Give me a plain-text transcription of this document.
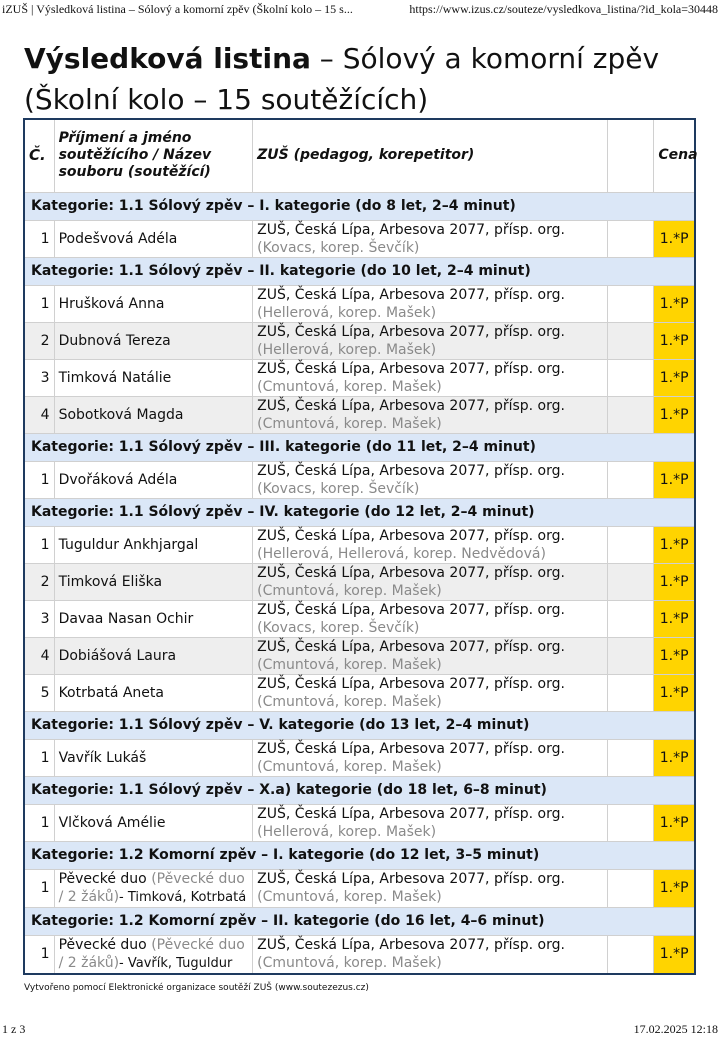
iZUŠ | Výsledková listina – Sólový a komorní zpěv (Školní kolo – 15 s...	https://www.izus.cz/souteze/vysledkova_listina/?id_kola=30448
Výsledková listina – Sólový a komorní zpěv (Školní kolo – 15 soutěžících)
Č.	Příjmení a jméno soutěžícího / Název souboru (soutěžící)	ZUŠ (pedagog, korepetitor)		Cena
Kategorie: 1.1 Sólový zpěv – I. kategorie (do 8 let, 2–4 minut)				
1	Podešvová Adéla	ZUŠ, Česká Lípa, Arbesova 2077, přísp. org. (Kovacs, korep. Ševčík)		1.*P
Kategorie: 1.1 Sólový zpěv – II. kategorie (do 10 let, 2–4 minut)				
1	Hrušková Anna	ZUŠ, Česká Lípa, Arbesova 2077, přísp. org. (Hellerová, korep. Mašek)		1.*P
2	Dubnová Tereza	ZUŠ, Česká Lípa, Arbesova 2077, přísp. org. (Hellerová, korep. Mašek)		1.*P
3	Timková Natálie	ZUŠ, Česká Lípa, Arbesova 2077, přísp. org. (Cmuntová, korep. Mašek)		1.*P
4	Sobotková Magda	ZUŠ, Česká Lípa, Arbesova 2077, přísp. org. (Cmuntová, korep. Mašek)		1.*P
Kategorie: 1.1 Sólový zpěv – III. kategorie (do 11 let, 2–4 minut)				
1	Dvořáková Adéla	ZUŠ, Česká Lípa, Arbesova 2077, přísp. org. (Kovacs, korep. Ševčík)		1.*P
Kategorie: 1.1 Sólový zpěv – IV. kategorie (do 12 let, 2–4 minut)				
1	Tuguldur Ankhjargal	ZUŠ, Česká Lípa, Arbesova 2077, přísp. org. (Hellerová, Hellerová, korep. Nedvědová)		1.*P
2	Timková Eliška	ZUŠ, Česká Lípa, Arbesova 2077, přísp. org. (Cmuntová, korep. Mašek)		1.*P
3	Davaa Nasan Ochir	ZUŠ, Česká Lípa, Arbesova 2077, přísp. org. (Kovacs, korep. Ševčík)		1.*P
4	Dobiášová Laura	ZUŠ, Česká Lípa, Arbesova 2077, přísp. org. (Cmuntová, korep. Mašek)		1.*P
5	Kotrbatá Aneta	ZUŠ, Česká Lípa, Arbesova 2077, přísp. org. (Cmuntová, korep. Mašek)		1.*P
Kategorie: 1.1 Sólový zpěv – V. kategorie (do 13 let, 2–4 minut)				
1	Vavřík Lukáš	ZUŠ, Česká Lípa, Arbesova 2077, přísp. org. (Cmuntová, korep. Mašek)		1.*P
Kategorie: 1.1 Sólový zpěv – X.a) kategorie (do 18 let, 6–8 minut)				
1	Vlčková Amélie	ZUŠ, Česká Lípa, Arbesova 2077, přísp. org. (Hellerová, korep. Mašek)		1.*P
Kategorie: 1.2 Komorní zpěv – I. kategorie (do 12 let, 3–5 minut)				
1	Pěvecké duo (Pěvecké duo / 2 žáků)- Timková, Kotrbatá	ZUŠ, Česká Lípa, Arbesova 2077, přísp. org. (Cmuntová, korep. Mašek)		1.*P
Kategorie: 1.2 Komorní zpěv – II. kategorie (do 16 let, 4–6 minut)				
1	Pěvecké duo (Pěvecké duo / 2 žáků)- Vavřík, Tuguldur	ZUŠ, Česká Lípa, Arbesova 2077, přísp. org. (Cmuntová, korep. Mašek)		1.*P
Vytvořeno pomocí Elektronické organizace soutěží ZUŠ (www.soutezezus.cz)
1 z 3	17.02.2025 12:18
